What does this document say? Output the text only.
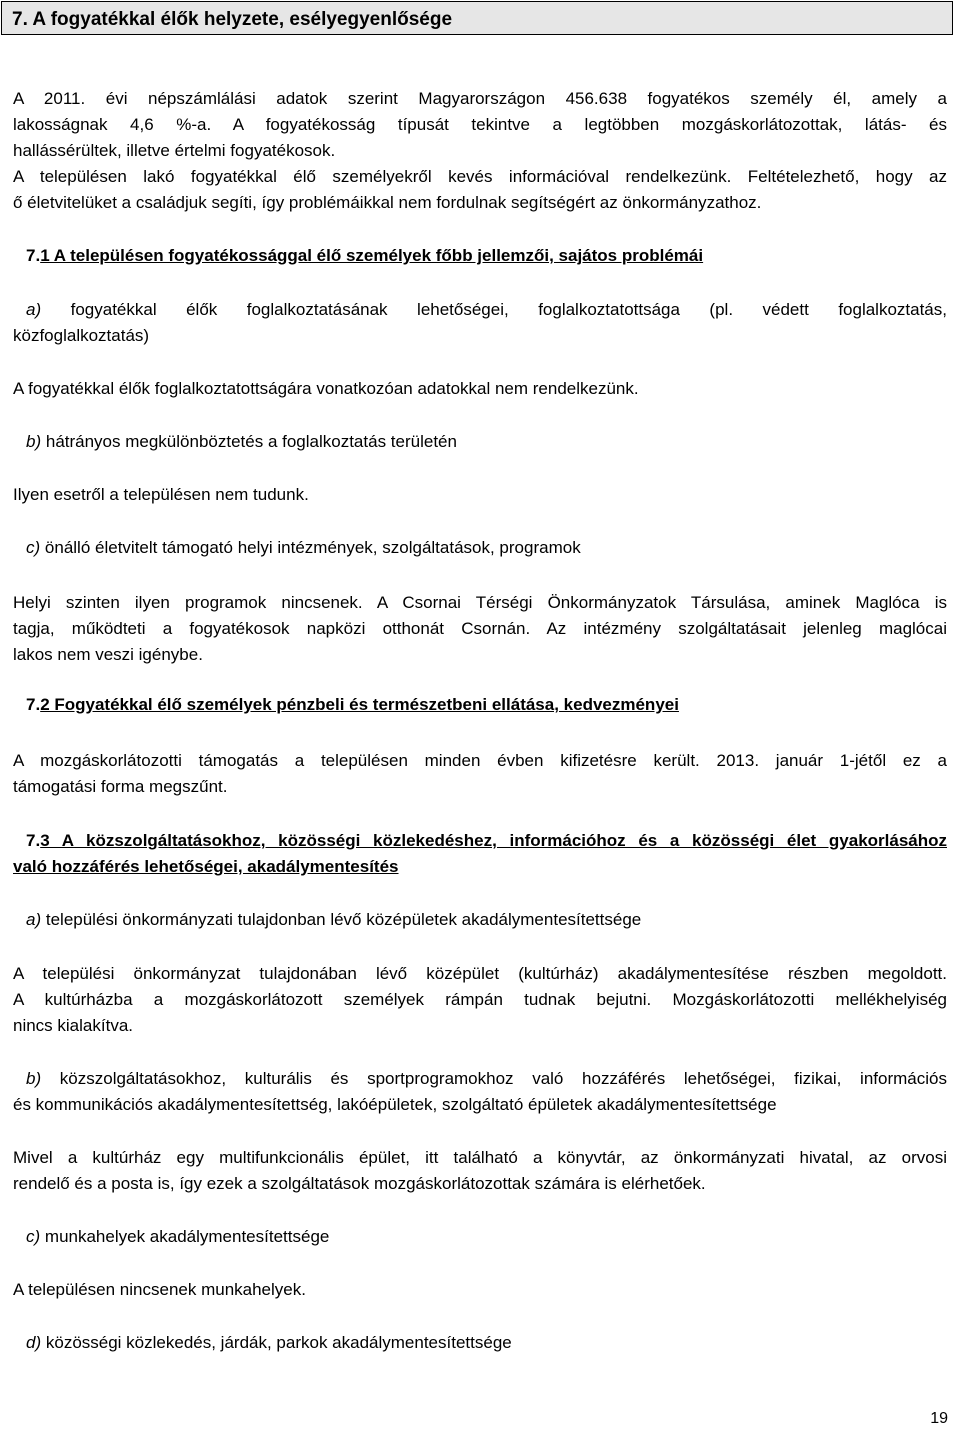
7. A fogyatékkal élők helyzete, esélyegyenlősége
A 2011. évi népszámlálási adatok szerint Magyarországon 456.638 fogyatékos személy él, amely a
lakosságnak 4,6 %-a. A fogyatékosság típusát tekintve a legtöbben mozgáskorlátozottak, látás- és
hallássérültek, illetve értelmi fogyatékosok.
A településen lakó fogyatékkal élő személyekről kevés információval rendelkezünk. Feltételezhető, hogy az
ő életvitelüket a családjuk segíti, így problémáikkal nem fordulnak segítségért az önkormányzathoz.
7.1 A településen fogyatékossággal élő személyek főbb jellemzői, sajátos problémái
a) fogyatékkal élők foglalkoztatásának lehetőségei, foglalkoztatottsága (pl. védett foglalkoztatás,
közfoglalkoztatás)
A fogyatékkal élők foglalkoztatottságára vonatkozóan adatokkal nem rendelkezünk.
b) hátrányos megkülönböztetés a foglalkoztatás területén
Ilyen esetről a településen nem tudunk.
c) önálló életvitelt támogató helyi intézmények, szolgáltatások, programok
Helyi szinten ilyen programok nincsenek. A Csornai Térségi Önkormányzatok Társulása, aminek Maglóca is
tagja, működteti a fogyatékosok napközi otthonát Csornán. Az intézmény szolgáltatásait jelenleg maglócai
lakos nem veszi igénybe.
7.2 Fogyatékkal élő személyek pénzbeli és természetbeni ellátása, kedvezményei
A mozgáskorlátozotti támogatás a településen minden évben kifizetésre került. 2013. január 1-jétől ez a
támogatási forma megszűnt.
7.3 A közszolgáltatásokhoz, közösségi közlekedéshez, információhoz és a közösségi élet gyakorlásához
való hozzáférés lehetőségei, akadálymentesítés
a) települési önkormányzati tulajdonban lévő középületek akadálymentesítettsége
A települési önkormányzat tulajdonában lévő középület (kultúrház) akadálymentesítése részben megoldott.
A kultúrházba a mozgáskorlátozott személyek rámpán tudnak bejutni. Mozgáskorlátozotti mellékhelyiség
nincs kialakítva.
b) közszolgáltatásokhoz, kulturális és sportprogramokhoz való hozzáférés lehetőségei, fizikai, információs
és kommunikációs akadálymentesítettség, lakóépületek, szolgáltató épületek akadálymentesítettsége
Mivel a kultúrház egy multifunkcionális épület, itt található a könyvtár, az önkormányzati hivatal, az orvosi
rendelő és a posta is, így ezek a szolgáltatások mozgáskorlátozottak számára is elérhetőek.
c) munkahelyek akadálymentesítettsége
A településen nincsenek munkahelyek.
d) közösségi közlekedés, járdák, parkok akadálymentesítettsége
19
